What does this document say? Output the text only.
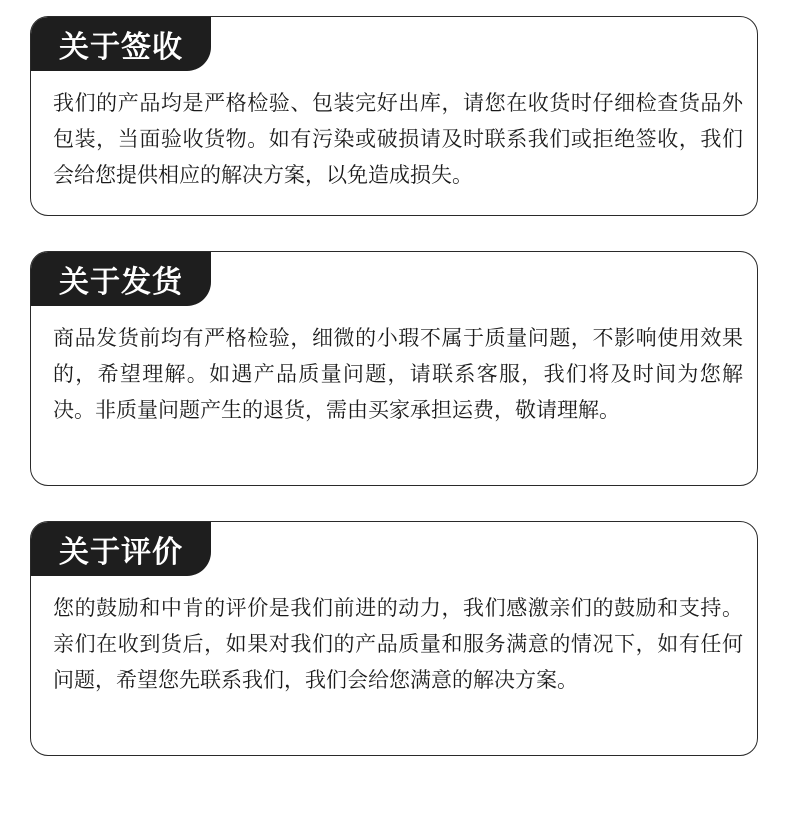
关于签收
我们的产品均是严格检验、包装完好出库，请您在收货时仔细检查货品外包装，当面验收货物。如有污染或破损请及时联系我们或拒绝签收，我们会给您提供相应的解决方案，以免造成损失。
关于发货
商品发货前均有严格检验，细微的小瑕不属于质量问题，不影响使用效果的，希望理解。如遇产品质量问题，请联系客服，我们将及时间为您解决。非质量问题产生的退货，需由买家承担运费，敬请理解。
关于评价
您的鼓励和中肯的评价是我们前进的动力，我们感激亲们的鼓励和支持。亲们在收到货后，如果对我们的产品质量和服务满意的情况下，如有任何问题，希望您先联系我们，我们会给您满意的解决方案。
